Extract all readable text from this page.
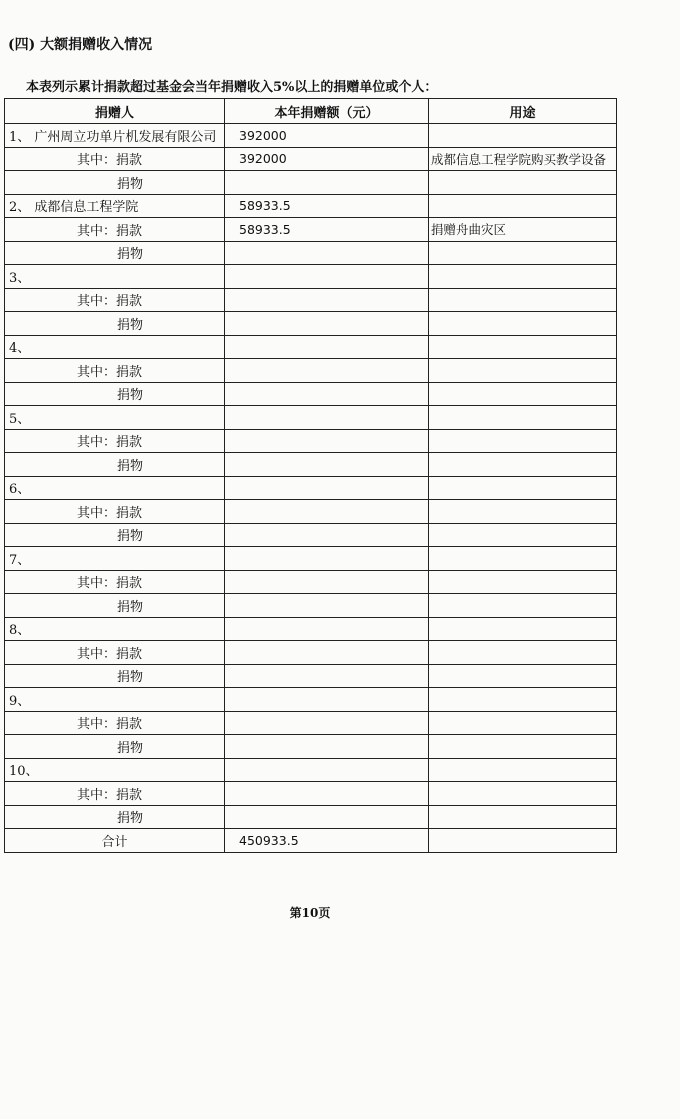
(四) 大额捐赠收入情况
本表列示累计捐款超过基金会当年捐赠收入5%以上的捐赠单位或个人：
捐赠人	本年捐赠额（元）	用途
1、 广州周立功单片机发展有限公司	392000	
其中：捐款	392000	成都信息工程学院购买教学设备
捐物		
2、 成都信息工程学院	58933.5	
其中：捐款	58933.5	捐赠舟曲灾区
捐物		
3、		
其中：捐款		
捐物		
4、		
其中：捐款		
捐物		
5、		
其中：捐款		
捐物		
6、		
其中：捐款		
捐物		
7、		
其中：捐款		
捐物		
8、		
其中：捐款		
捐物		
9、		
其中：捐款		
捐物		
10、		
其中：捐款		
捐物		
合计	450933.5	
第10页
